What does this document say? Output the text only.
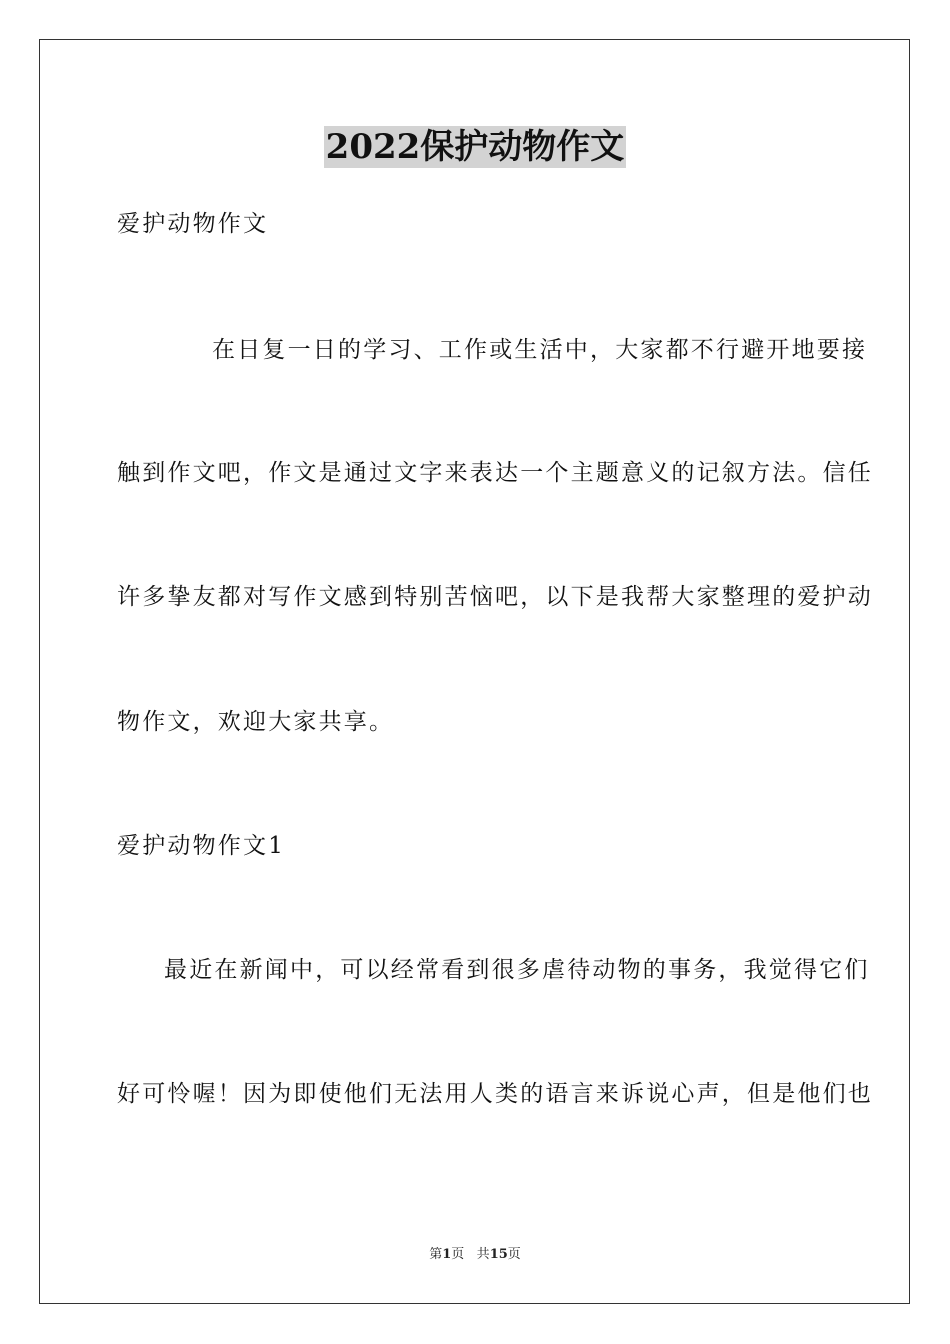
2022保护动物作文
爱护动物作文
在日复一日的学习、工作或生活中，大家都不行避开地要接
触到作文吧，作文是通过文字来表达一个主题意义的记叙方法。信任
许多挚友都对写作文感到特别苦恼吧，以下是我帮大家整理的爱护动
物作文，欢迎大家共享。
爱护动物作文1
最近在新闻中，可以经常看到很多虐待动物的事务，我觉得它们
好可怜喔！因为即使他们无法用人类的语言来诉说心声，但是他们也
第1页 共15页
